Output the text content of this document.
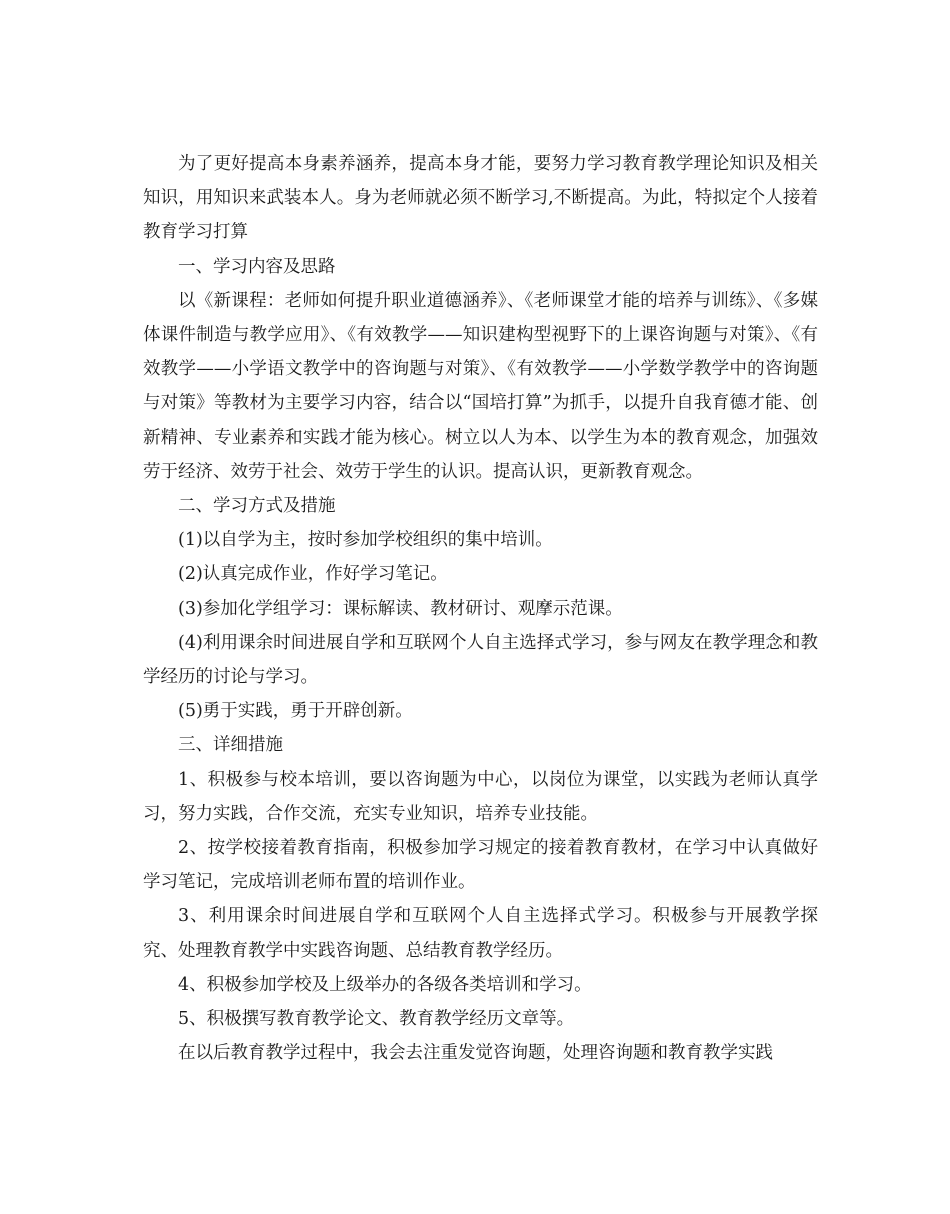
为了更好提高本身素养涵养，提高本身才能，要努力学习教育教学理论知识及相关知识，用知识来武装本人。身为老师就必须不断学习,不断提高。为此，特拟定个人接着教育学习打算

一、学习内容及思路

以《新课程：老师如何提升职业道德涵养》、《老师课堂才能的培养与训练》、《多媒体课件制造与教学应用》、《有效教学——知识建构型视野下的上课咨询题与对策》、《有效教学——小学语文教学中的咨询题与对策》、《有效教学——小学数学教学中的咨询题与对策》等教材为主要学习内容，结合以“国培打算”为抓手，以提升自我育德才能、创新精神、专业素养和实践才能为核心。树立以人为本、以学生为本的教育观念，加强效劳于经济、效劳于社会、效劳于学生的认识。提高认识，更新教育观念。

二、学习方式及措施

(1)以自学为主，按时参加学校组织的集中培训。

(2)认真完成作业，作好学习笔记。

(3)参加化学组学习：课标解读、教材研讨、观摩示范课。

(4)利用课余时间进展自学和互联网个人自主选择式学习，参与网友在教学理念和教学经历的讨论与学习。

(5)勇于实践，勇于开辟创新。

三、详细措施

1、积极参与校本培训，要以咨询题为中心，以岗位为课堂，以实践为老师认真学习，努力实践，合作交流，充实专业知识，培养专业技能。

2、按学校接着教育指南，积极参加学习规定的接着教育教材，在学习中认真做好学习笔记，完成培训老师布置的培训作业。

3、利用课余时间进展自学和互联网个人自主选择式学习。积极参与开展教学探究、处理教育教学中实践咨询题、总结教育教学经历。

4、积极参加学校及上级举办的各级各类培训和学习。

5、积极撰写教育教学论文、教育教学经历文章等。

在以后教育教学过程中，我会去注重发觉咨询题，处理咨询题和教育教学实践
